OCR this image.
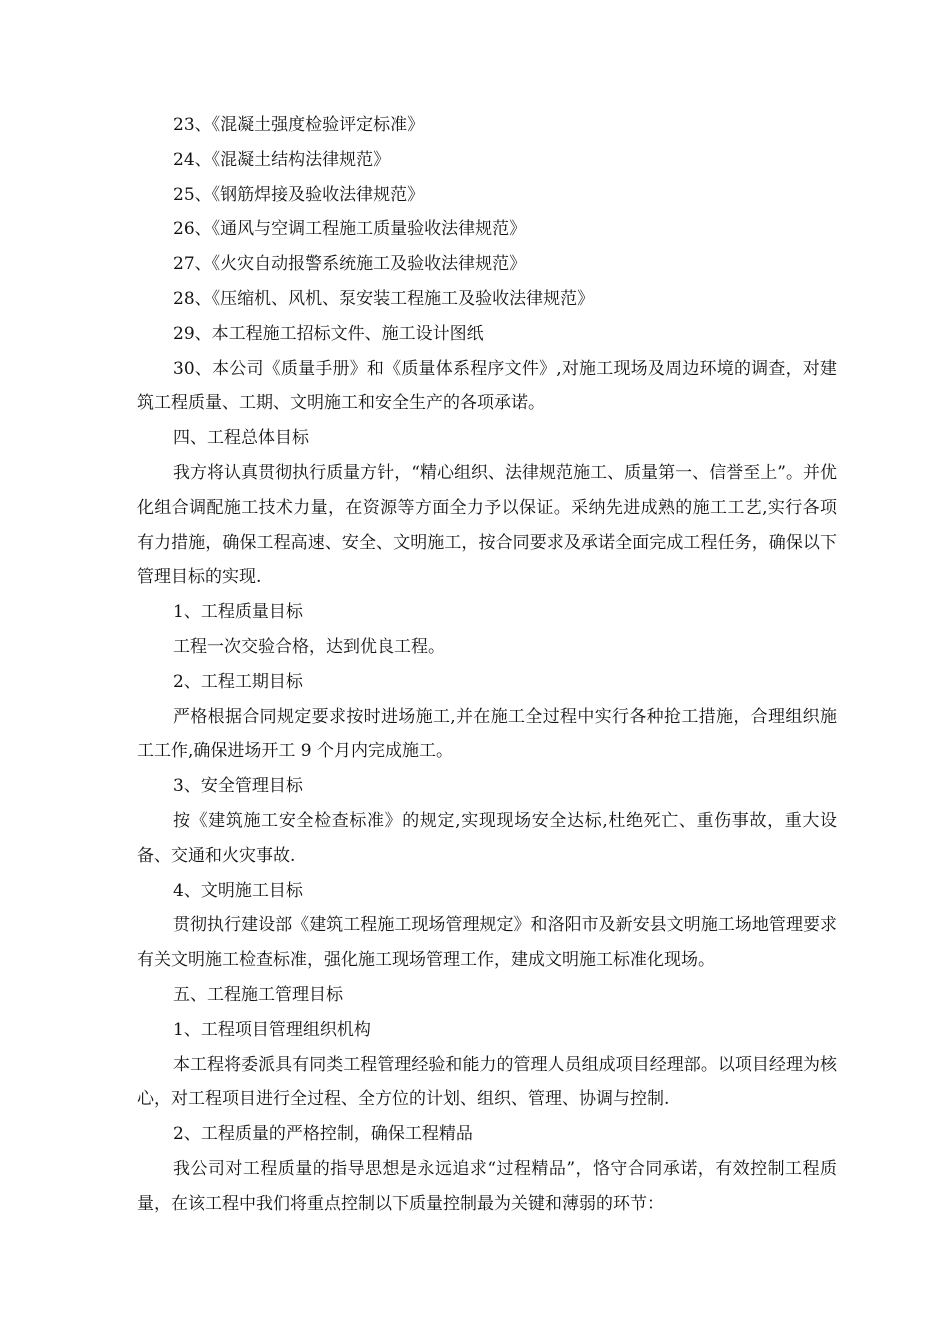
23、《混凝土强度检验评定标准》

24、《混凝土结构法律规范》

25、《钢筋焊接及验收法律规范》

26、《通风与空调工程施工质量验收法律规范》

27、《火灾自动报警系统施工及验收法律规范》

28、《压缩机、风机、泵安装工程施工及验收法律规范》

29、本工程施工招标文件、施工设计图纸

30、本公司《质量手册》和《质量体系程序文件》,对施工现场及周边环境的调查，对建筑工程质量、工期、文明施工和安全生产的各项承诺。

四、工程总体目标

我方将认真贯彻执行质量方针，“精心组织、法律规范施工、质量第一、信誉至上”。并优化组合调配施工技术力量，在资源等方面全力予以保证。采纳先进成熟的施工工艺,实行各项有力措施，确保工程高速、安全、文明施工，按合同要求及承诺全面完成工程任务，确保以下管理目标的实现.

1、工程质量目标

工程一次交验合格，达到优良工程。

2、工程工期目标

严格根据合同规定要求按时进场施工,并在施工全过程中实行各种抢工措施，合理组织施工工作,确保进场开工 9 个月内完成施工。

3、安全管理目标

按《建筑施工安全检查标准》的规定,实现现场安全达标,杜绝死亡、重伤事故，重大设备、交通和火灾事故.

4、文明施工目标

贯彻执行建设部《建筑工程施工现场管理规定》和洛阳市及新安县文明施工场地管理要求有关文明施工检查标准，强化施工现场管理工作，建成文明施工标准化现场。

五、工程施工管理目标

1、工程项目管理组织机构

本工程将委派具有同类工程管理经验和能力的管理人员组成项目经理部。以项目经理为核心，对工程项目进行全过程、全方位的计划、组织、管理、协调与控制.

2、工程质量的严格控制，确保工程精品

我公司对工程质量的指导思想是永远追求“过程精品”，恪守合同承诺，有效控制工程质量，在该工程中我们将重点控制以下质量控制最为关键和薄弱的环节：
